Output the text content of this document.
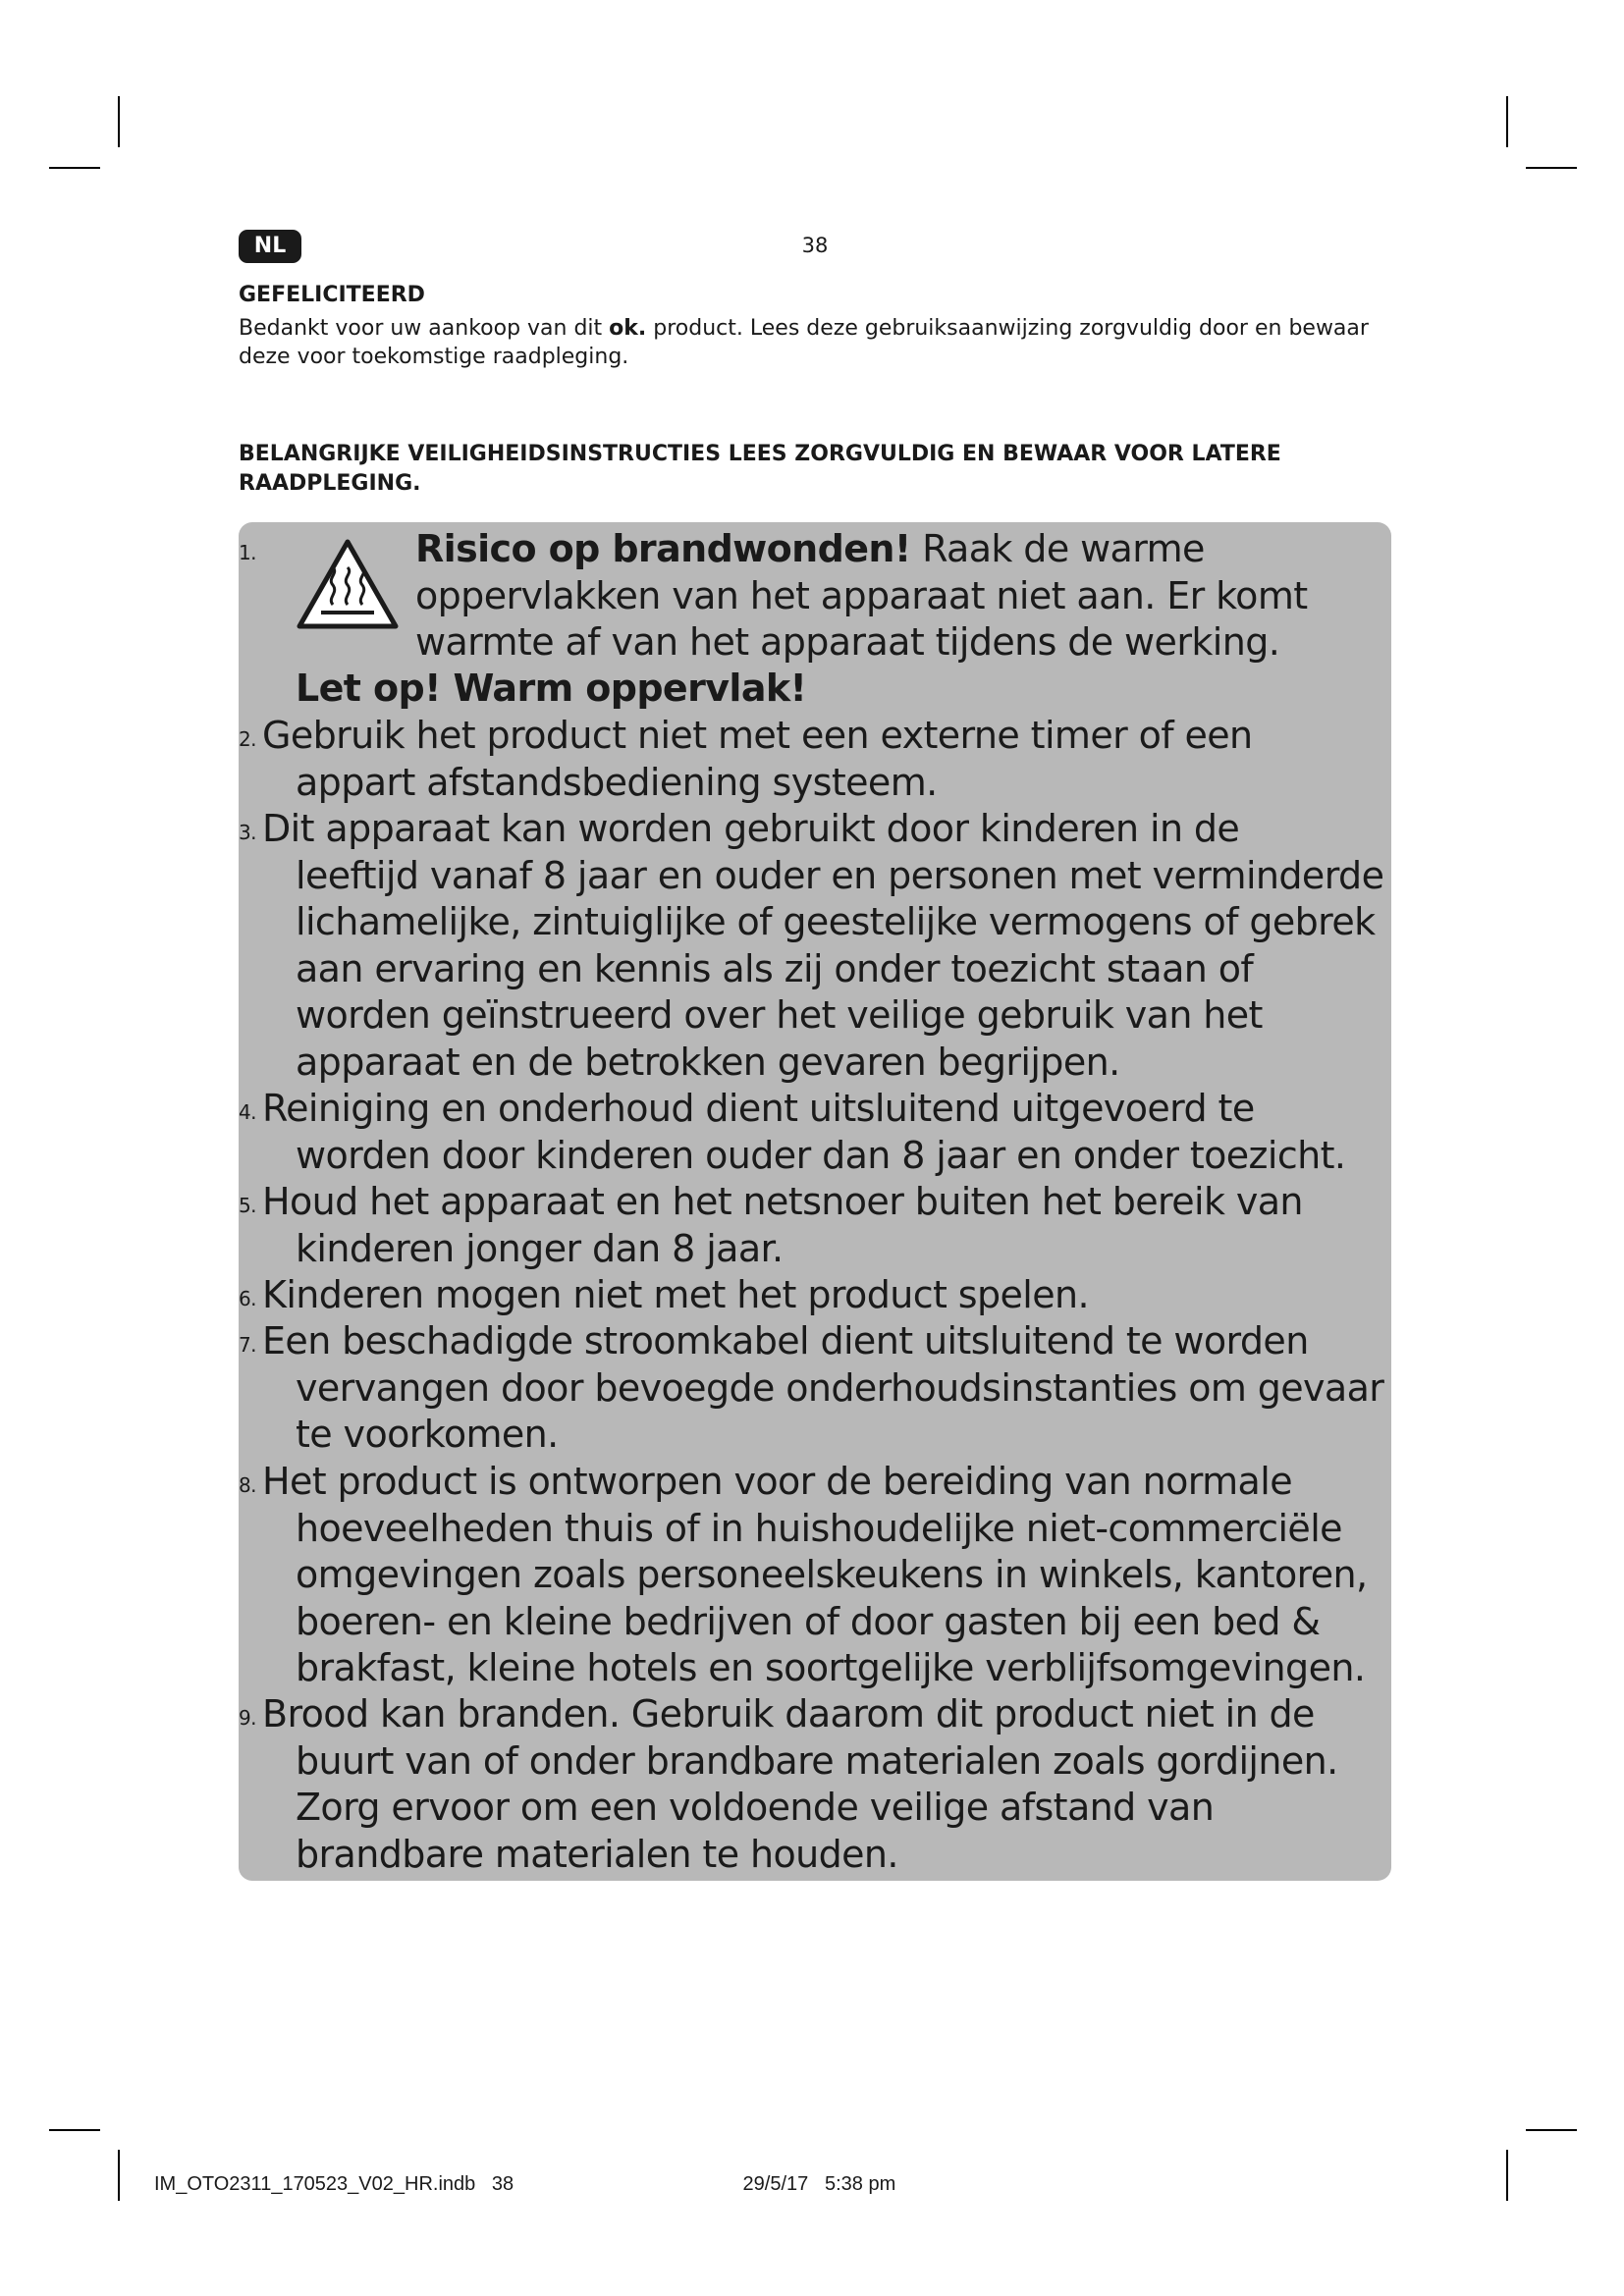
NL	38
GEFELICITEERD
Bedankt voor uw aankoop van dit ok. product. Lees deze gebruiksaanwijzing zorgvuldig door en bewaar deze voor toekomstige raadpleging.
BELANGRIJKE VEILIGHEIDSINSTRUCTIES LEES ZORGVULDIG EN BEWAAR VOOR LATERE RAADPLEGING.
1.	Risico op brandwonden! Raak de warme oppervlakken van het apparaat niet aan. Er komt warmte af van het apparaat tijdens de werking.
Let op! Warm oppervlak!
2. Gebruik het product niet met een externe timer of een
appart afstandsbediening systeem.
3. Dit apparaat kan worden gebruikt door kinderen in de
leeftijd vanaf 8 jaar en ouder en personen met verminderde lichamelijke, zintuiglijke of geestelijke vermogens of gebrek aan ervaring en kennis als zij onder toezicht staan of worden geïnstrueerd over het veilige gebruik van het apparaat en de betrokken gevaren begrijpen.
4. Reiniging en onderhoud dient uitsluitend uitgevoerd te
worden door kinderen ouder dan 8 jaar en onder toezicht.
5. Houd het apparaat en het netsnoer buiten het bereik van
kinderen jonger dan 8 jaar.
6. Kinderen mogen niet met het product spelen.
7. Een beschadigde stroomkabel dient uitsluitend te worden
vervangen door bevoegde onderhoudsinstanties om gevaar te voorkomen.
8. Het product is ontworpen voor de bereiding van normale
hoeveelheden thuis of in huishoudelijke niet-commerciële omgevingen zoals personeelskeukens in winkels, kantoren, boeren- en kleine bedrijven of door gasten bij een bed & brakfast, kleine hotels en soortgelijke verblijfsomgevingen.
9. Brood kan branden. Gebruik daarom dit product niet in de
buurt van of onder brandbare materialen zoals gordijnen. Zorg ervoor om een voldoende veilige afstand van brandbare materialen te houden.
IM_OTO2311_170523_V02_HR.indb   38                                          29/5/17   5:38 pm
